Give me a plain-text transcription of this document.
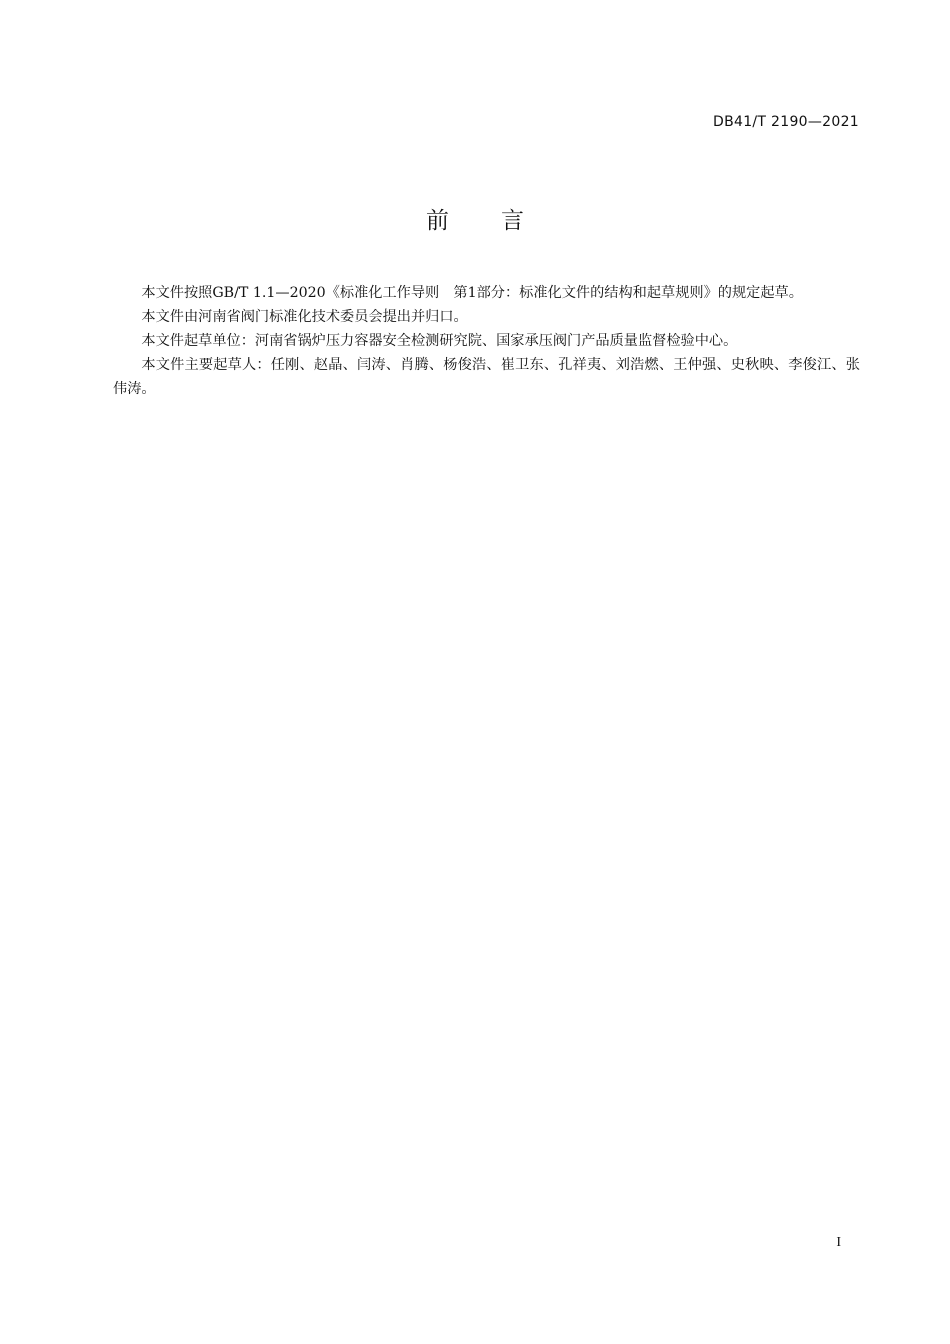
DB41/T 2190—2021
前言

本文件按照GB/T 1.1—2020《标准化工作导则　第1部分：标准化文件的结构和起草规则》的规定起草。

本文件由河南省阀门标准化技术委员会提出并归口。

本文件起草单位：河南省锅炉压力容器安全检测研究院、国家承压阀门产品质量监督检验中心。

本文件主要起草人：任刚、赵晶、闫涛、肖腾、杨俊浩、崔卫东、孔祥夷、刘浩燃、王仲强、史秋映、李俊江、张伟涛。

I
